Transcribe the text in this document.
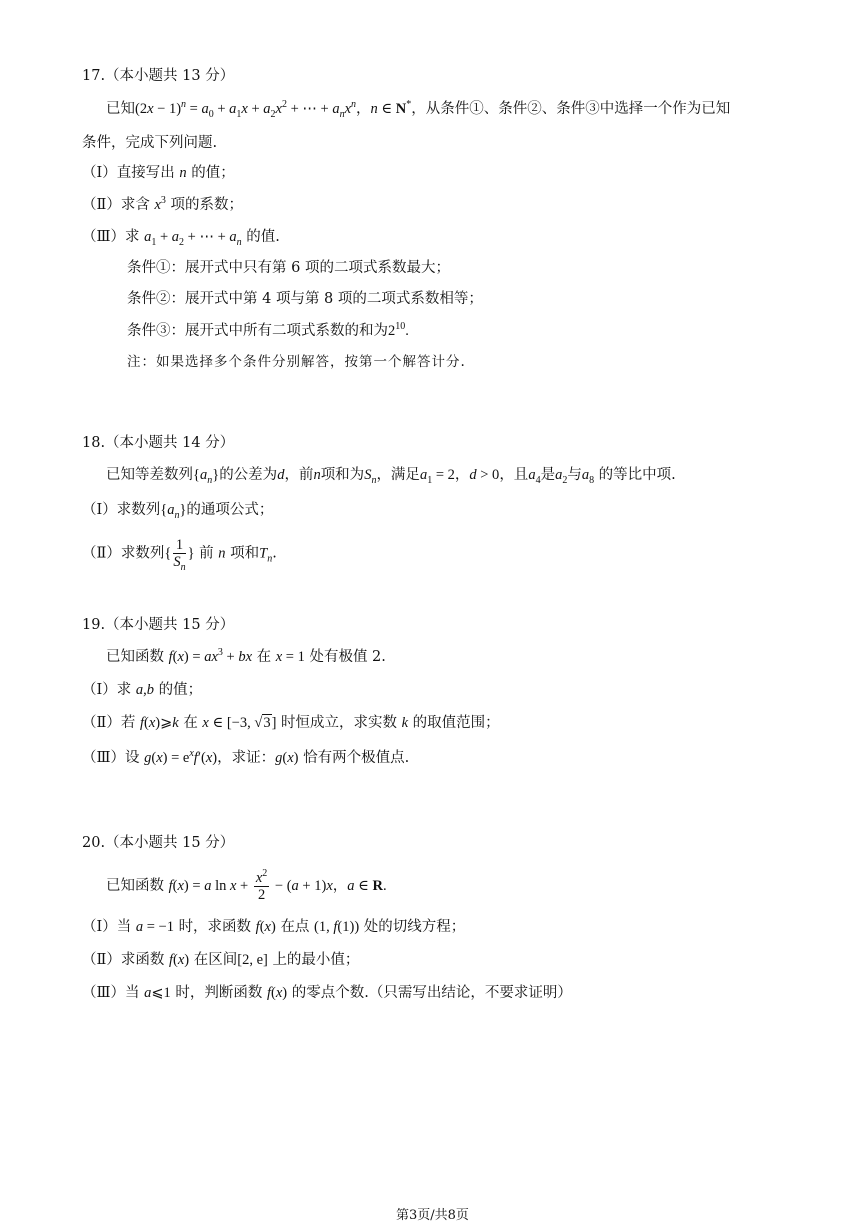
17.（本小题共 13 分）
已知$(2x - 1)^n = a_0 + a_1x + a_2x^2$ + ⋯ + $a_nx^n$，n ∈ N*，从条件①、条件②、条件③中选择一个作为已知
条件，完成下列问题.
（Ⅰ）直接写出 n 的值；
（Ⅱ）求含 $x^3$ 项的系数；
（Ⅲ）求 $a_1 + a_2$ + ⋯ + $a_n$ 的值.
条件①：展开式中只有第 6 项的二项式系数最大；
条件②：展开式中第 4 项与第 8 项的二项式系数相等；
条件③：展开式中所有二项式系数的和为$2^{10}$.
注：如果选择多个条件分别解答，按第一个解答计分.
18.（本小题共 14 分）
已知等差数列$\{a_n\}$的公差为d，前n项和为$S_n$，满足$a_1 = 2$，d > 0，且$a_4$是$a_2$与$a_8$ 的等比中项.
（Ⅰ）求数列$\{a_n\}$的通项公式；
（Ⅱ）求数列{ $\frac{1}{S_n}$ } 前 n 项和$T_n$.
19.（本小题共 15 分）
已知函数 $f(x) = ax^3$ + bx 在 x = 1 处有极值 2.
（Ⅰ）求 a,b 的值；
（Ⅱ）若 f(x)⩾k 在 x ∈ [−3, √3] 时恒成立，求实数 k 的取值范围；
（Ⅲ）设 $g(x) = e^xf'(x)$，求证：g(x) 恰有两个极值点.
20.（本小题共 15 分）
已知函数 f(x) = a $\ln x + \frac{x^2}{2} - (a + 1)x$，a ∈ R.
（Ⅰ）当 a = −1 时，求函数 f(x) 在点 (1, f(1)) 处的切线方程；
（Ⅱ）求函数 f(x) 在区间[2, e] 上的最小值；
（Ⅲ）当 a⩽1 时，判断函数 f(x) 的零点个数.（只需写出结论，不要求证明）
第3页/共8页
